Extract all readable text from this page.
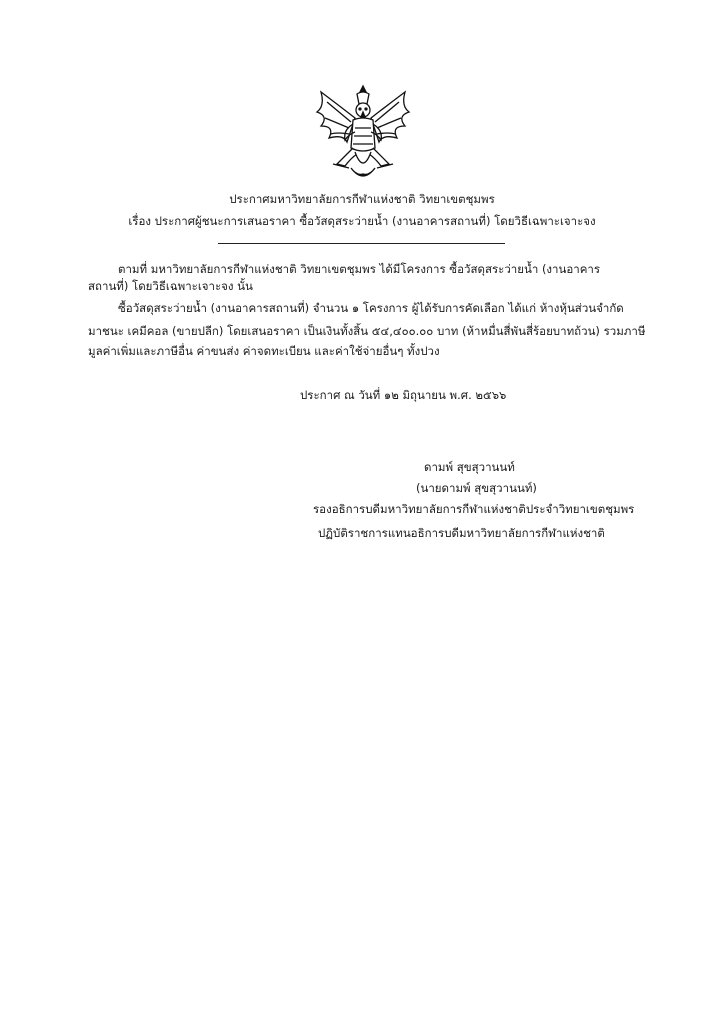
ประกาศมหาวิทยาลัยการกีฬาแห่งชาติ วิทยาเขตชุมพร
เรื่อง ประกาศผู้ชนะการเสนอราคา ซื้อวัสดุสระว่ายน้ำ (งานอาคารสถานที่) โดยวิธีเฉพาะเจาะจง
ตามที่ มหาวิทยาลัยการกีฬาแห่งชาติ วิทยาเขตชุมพร ได้มีโครงการ ซื้อวัสดุสระว่ายน้ำ (งานอาคาร
สถานที่) โดยวิธีเฉพาะเจาะจง นั้น
ซื้อวัสดุสระว่ายน้ำ (งานอาคารสถานที่) จำนวน ๑ โครงการ ผู้ได้รับการคัดเลือก ได้แก่ ห้างหุ้นส่วนจำกัด
มาชนะ เคมีคอล (ขายปลีก) โดยเสนอราคา เป็นเงินทั้งสิ้น ๕๔,๔๐๐.๐๐ บาท (ห้าหมื่นสี่พันสี่ร้อยบาทถ้วน) รวมภาษี
มูลค่าเพิ่มและภาษีอื่น ค่าขนส่ง ค่าจดทะเบียน และค่าใช้จ่ายอื่นๆ ทั้งปวง
ประกาศ ณ วันที่ ๑๒ มิถุนายน พ.ศ. ๒๕๖๖
ดามพ์ สุขสุวานนท์
(นายดามพ์ สุขสุวานนท์)
รองอธิการบดีมหาวิทยาลัยการกีฬาแห่งชาติประจำวิทยาเขตชุมพร
ปฏิบัติราชการแทนอธิการบดีมหาวิทยาลัยการกีฬาแห่งชาติ
